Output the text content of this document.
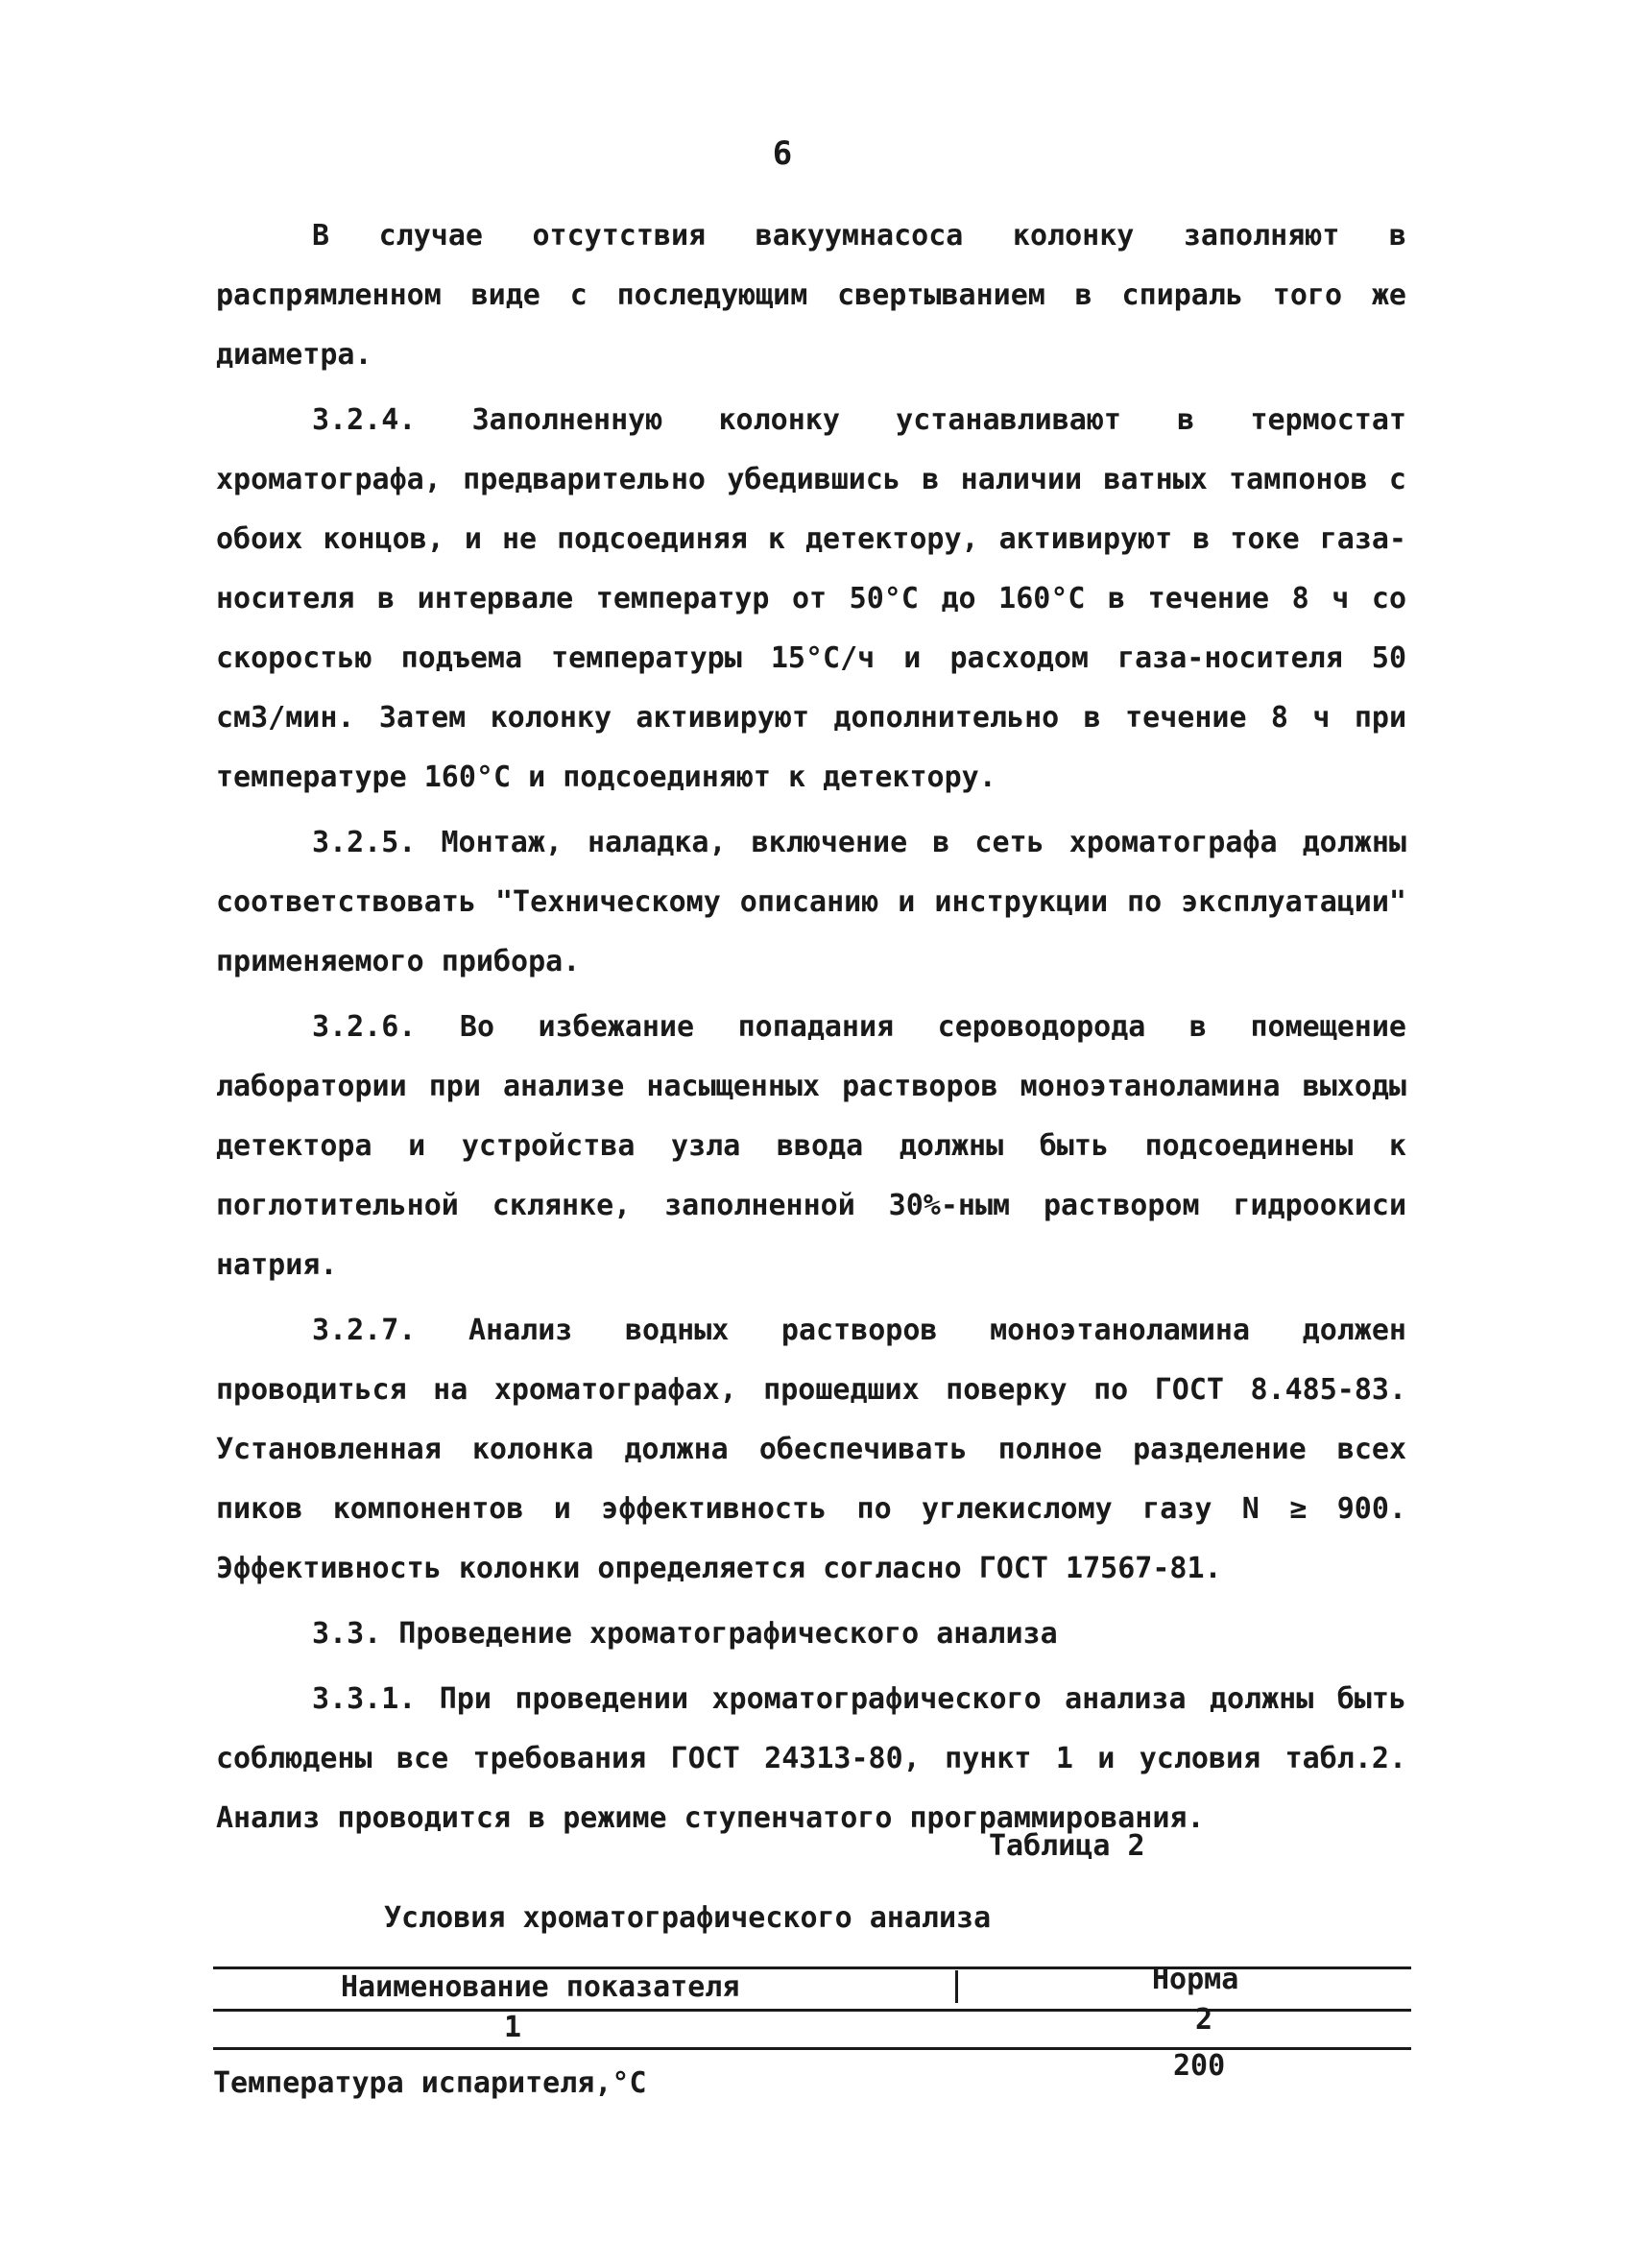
6

В случае отсутствия вакуумнасоса колонку заполняют в распрямленном виде с последующим свертыванием в спираль того же диаметра.

3.2.4. Заполненную колонку устанавливают в термостат хроматографа, предварительно убедившись в наличии ватных тампонов с обоих концов, и не подсоединяя к детектору, активируют в токе газа-носителя в интервале температур от 50°С до 160°С в течение 8 ч со скоростью подъема температуры 15°С/ч и расходом газа-носителя 50 см3/мин. Затем колонку активируют дополнительно в течение 8 ч при температуре 160°С и подсоединяют к детектору.

3.2.5. Монтаж, наладка, включение в сеть хроматографа должны соответствовать "Техническому описанию и инструкции по эксплуатации" применяемого прибора.

3.2.6. Во избежание попадания сероводорода в помещение лаборатории при анализе насыщенных растворов моноэтаноламина выходы детектора и устройства узла ввода должны быть подсоединены к поглотительной склянке, заполненной 30%-ным раствором гидроокиси натрия.

3.2.7. Анализ водных растворов моноэтаноламина должен проводиться на хроматографах, прошедших поверку по ГОСТ 8.485-83. Установленная колонка должна обеспечивать полное разделение всех пиков компонентов и эффективность по углекислому газу N ≥ 900. Эффективность колонки определяется согласно ГОСТ 17567-81.

3.3. Проведение хроматографического анализа

3.3.1. При проведении хроматографического анализа должны быть соблюдены все требования ГОСТ 24313-80, пункт 1 и условия табл.2. Анализ проводится в режиме ступенчатого программирования.

Таблица 2
Условия хроматографического анализа
Наименование показателя	Норма
1	2
Температура испарителя,°С
200
